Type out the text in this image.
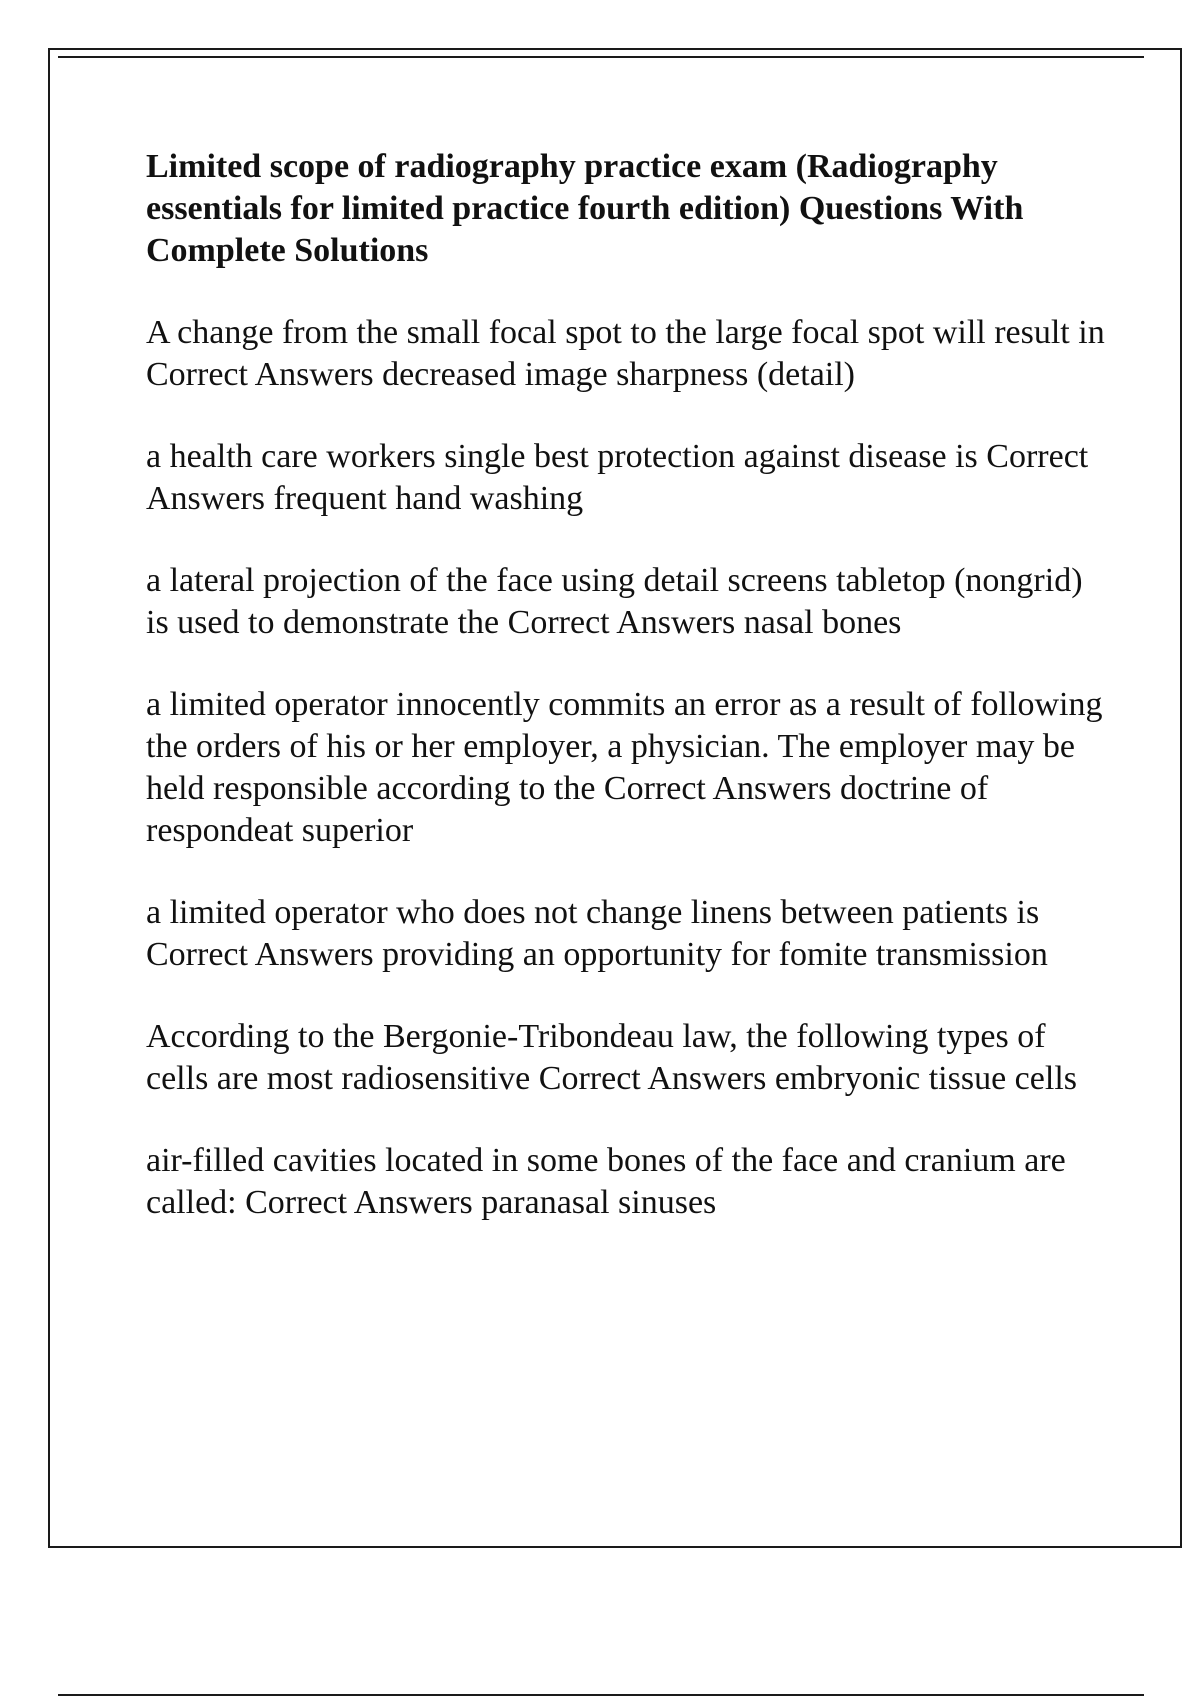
Limited scope of radiography practice exam (Radiography essentials for limited practice fourth edition) Questions With Complete Solutions

A change from the small focal spot to the large focal spot will result in Correct Answers decreased image sharpness (detail)

a health care workers single best protection against disease is Correct Answers frequent hand washing

a lateral projection of the face using detail screens tabletop (nongrid) is used to demonstrate the Correct Answers nasal bones

a limited operator innocently commits an error as a result of following the orders of his or her employer, a physician. The employer may be held responsible according to the Correct Answers doctrine of respondeat superior

a limited operator who does not change linens between patients is Correct Answers providing an opportunity for fomite transmission

According to the Bergonie-Tribondeau law, the following types of cells are most radiosensitive Correct Answers embryonic tissue cells

air-filled cavities located in some bones of the face and cranium are called: Correct Answers paranasal sinuses
